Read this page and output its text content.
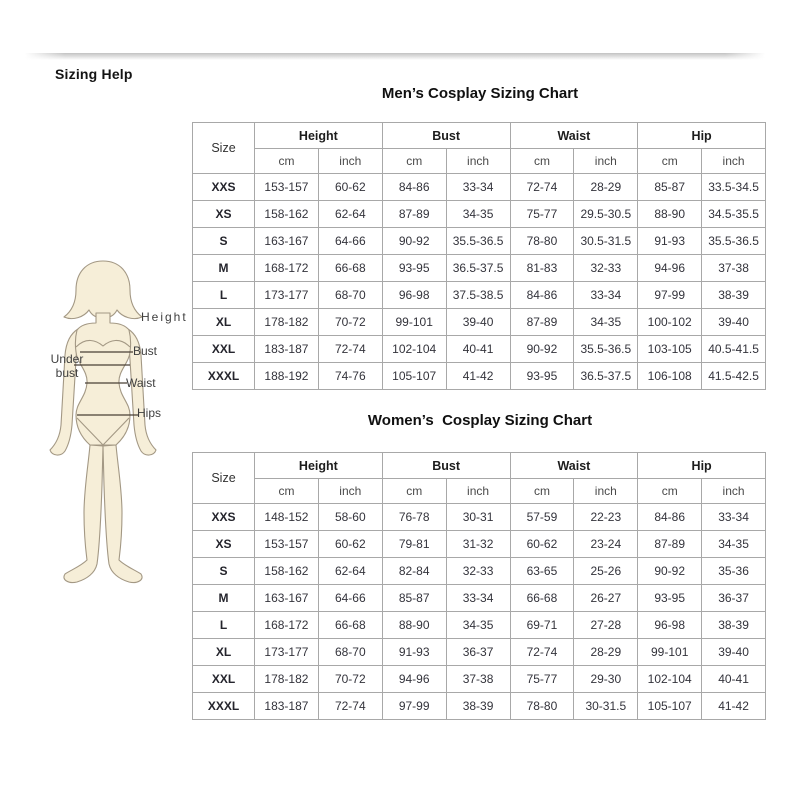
Sizing Help
Height
Bust
Under bust
Waist
Hips
Men’s Cosplay Sizing Chart
Size	Height		Bust		Waist		Hip	
	cm	inch	cm	inch	cm	inch	cm	inch
XXS	153-157	60-62	84-86	33-34	72-74	28-29	85-87	33.5-34.5
XS	158-162	62-64	87-89	34-35	75-77	29.5-30.5	88-90	34.5-35.5
S	163-167	64-66	90-92	35.5-36.5	78-80	30.5-31.5	91-93	35.5-36.5
M	168-172	66-68	93-95	36.5-37.5	81-83	32-33	94-96	37-38
L	173-177	68-70	96-98	37.5-38.5	84-86	33-34	97-99	38-39
XL	178-182	70-72	99-101	39-40	87-89	34-35	100-102	39-40
XXL	183-187	72-74	102-104	40-41	90-92	35.5-36.5	103-105	40.5-41.5
XXXL	188-192	74-76	105-107	41-42	93-95	36.5-37.5	106-108	41.5-42.5
Women’s  Cosplay Sizing Chart
Size	Height		Bust		Waist		Hip	
	cm	inch	cm	inch	cm	inch	cm	inch
XXS	148-152	58-60	76-78	30-31	57-59	22-23	84-86	33-34
XS	153-157	60-62	79-81	31-32	60-62	23-24	87-89	34-35
S	158-162	62-64	82-84	32-33	63-65	25-26	90-92	35-36
M	163-167	64-66	85-87	33-34	66-68	26-27	93-95	36-37
L	168-172	66-68	88-90	34-35	69-71	27-28	96-98	38-39
XL	173-177	68-70	91-93	36-37	72-74	28-29	99-101	39-40
XXL	178-182	70-72	94-96	37-38	75-77	29-30	102-104	40-41
XXXL	183-187	72-74	97-99	38-39	78-80	30-31.5	105-107	41-42
